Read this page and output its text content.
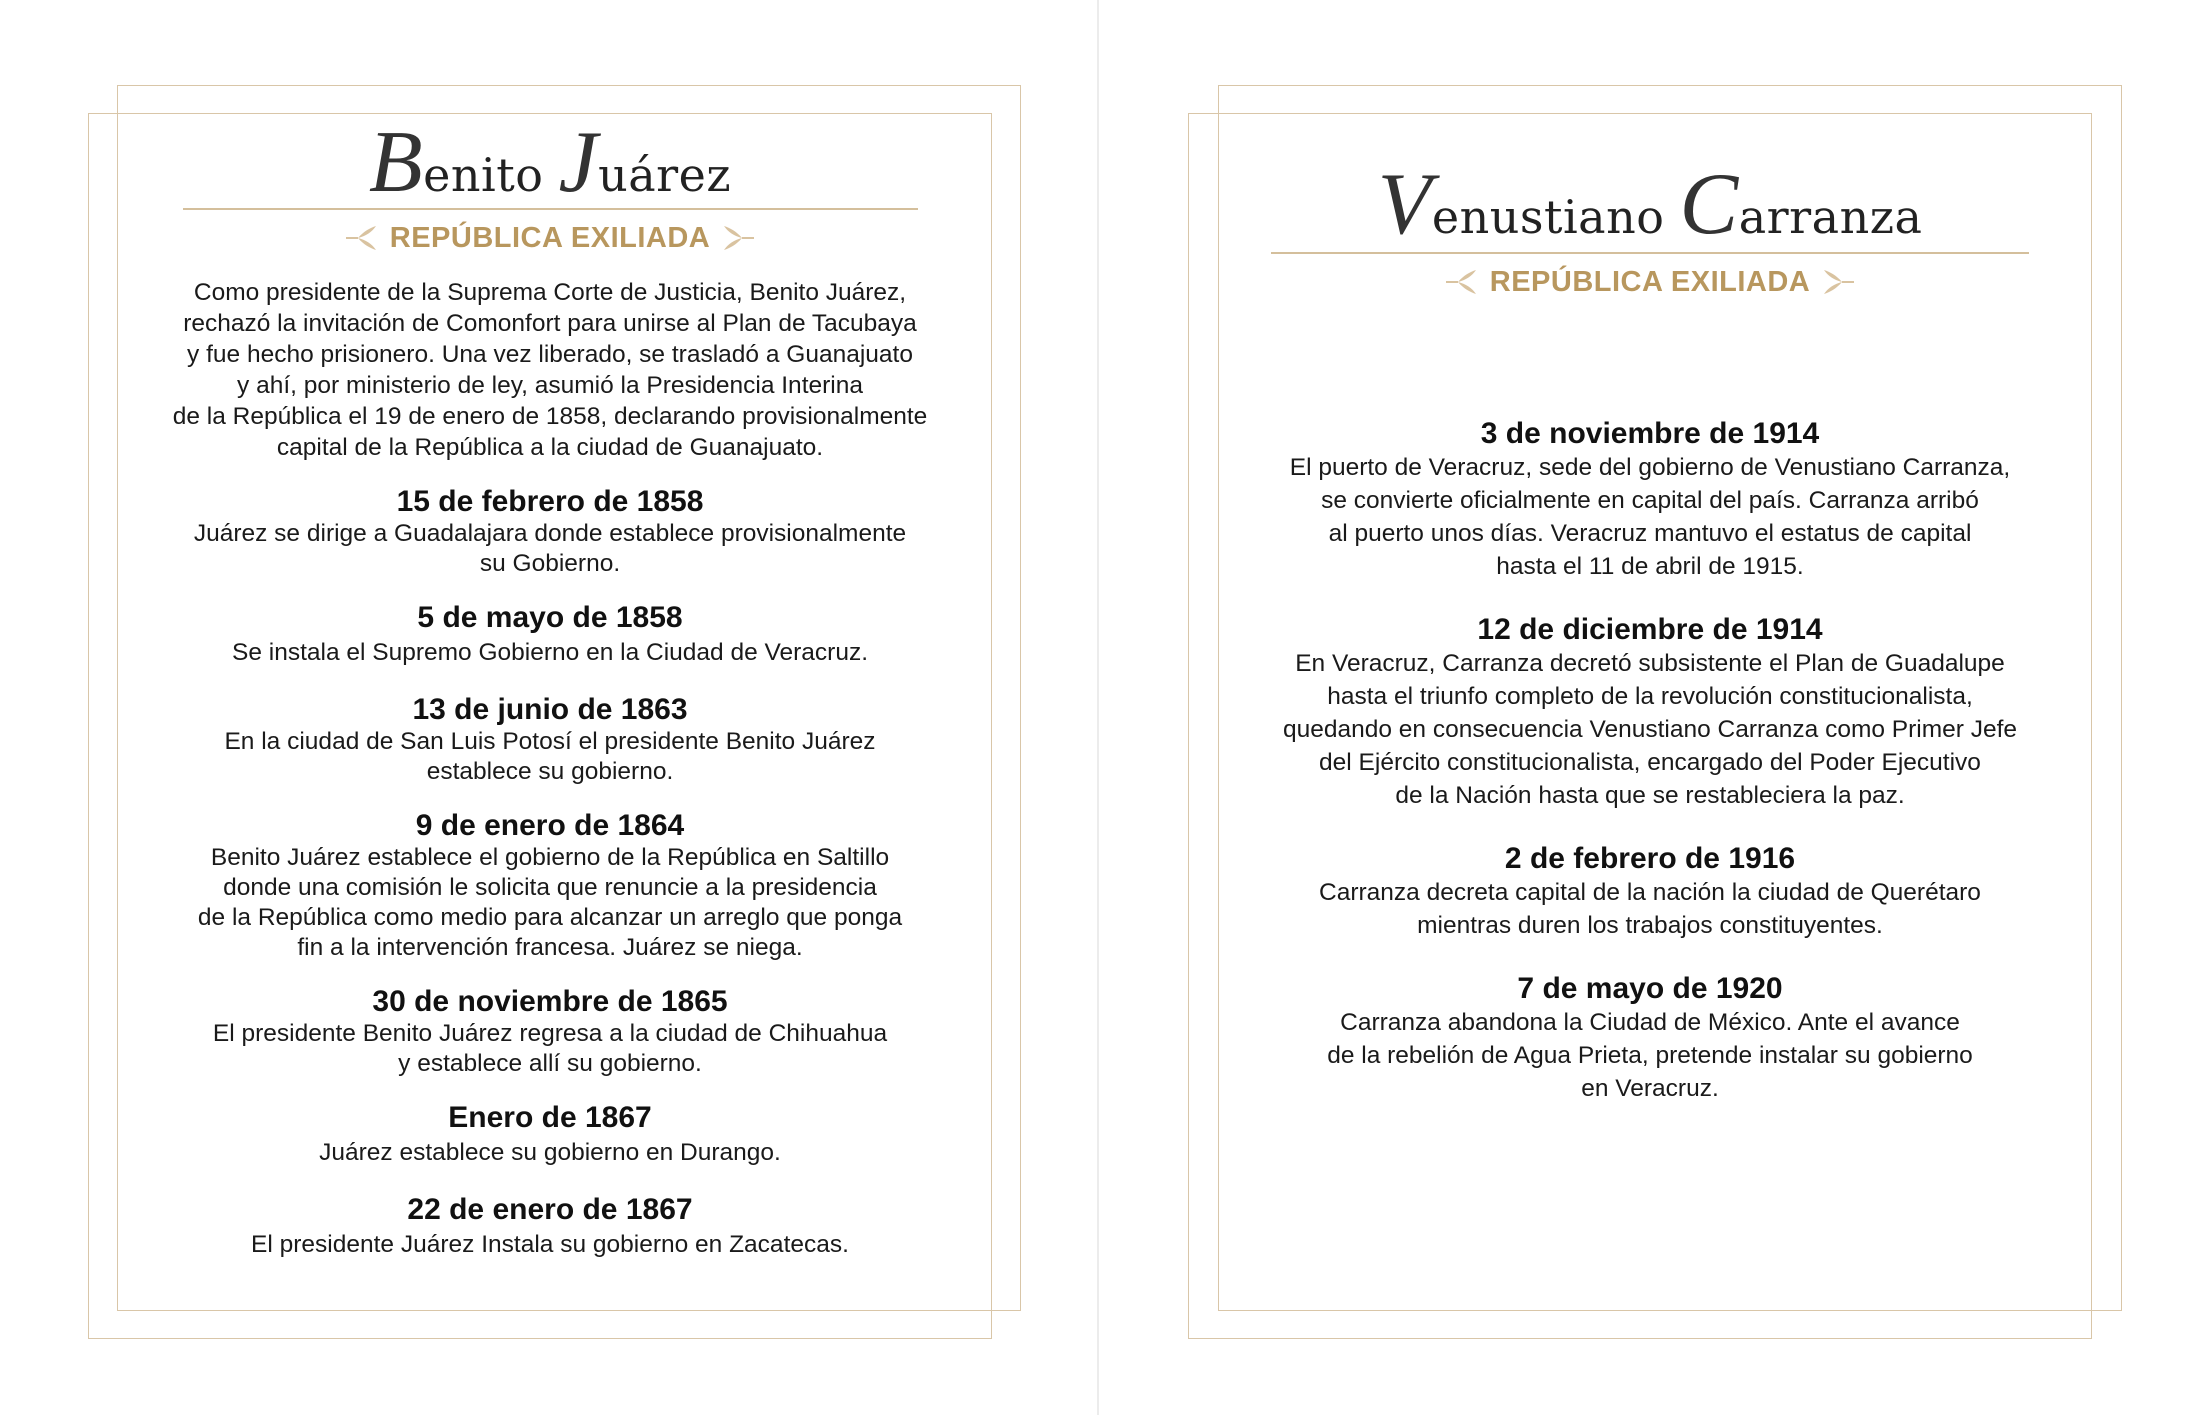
Benito Juárez
REPÚBLICA EXILIADA
Como presidente de la Suprema Corte de Justicia, Benito Juárez,
rechazó la invitación de Comonfort para unirse al Plan de Tacubaya
y fue hecho prisionero. Una vez liberado, se trasladó a Guanajuato
y ahí, por ministerio de ley, asumió la Presidencia Interina
de la República el 19 de enero de 1858, declarando provisionalmente
capital de la República a la ciudad de Guanajuato.
15 de febrero de 1858
Juárez se dirige a Guadalajara donde establece provisionalmente
su Gobierno.
5 de mayo de 1858
Se instala el Supremo Gobierno en la Ciudad de Veracruz.
13 de junio de 1863
En la ciudad de San Luis Potosí el presidente Benito Juárez
establece su gobierno.
9 de enero de 1864
Benito Juárez establece el gobierno de la República en Saltillo
donde una comisión le solicita que renuncie a la presidencia
de la República como medio para alcanzar un arreglo que ponga
fin a la intervención francesa. Juárez se niega.
30 de noviembre de 1865
El presidente Benito Juárez regresa a la ciudad de Chihuahua
y establece allí su gobierno.
Enero de 1867
Juárez establece su gobierno en Durango.
22 de enero de 1867
El presidente Juárez Instala su gobierno en Zacatecas.
Venustiano Carranza
REPÚBLICA EXILIADA
3 de noviembre de 1914
El puerto de Veracruz, sede del gobierno de Venustiano Carranza,
se convierte oficialmente en capital del país. Carranza arribó
al puerto unos días. Veracruz mantuvo el estatus de capital
hasta el 11 de abril de 1915.
12 de diciembre de 1914
En Veracruz, Carranza decretó subsistente el Plan de Guadalupe
hasta el triunfo completo de la revolución constitucionalista,
quedando en consecuencia Venustiano Carranza como Primer Jefe
del Ejército constitucionalista, encargado del Poder Ejecutivo
de la Nación hasta que se restableciera la paz.
2 de febrero de 1916
Carranza decreta capital de la nación la ciudad de Querétaro
mientras duren los trabajos constituyentes.
7 de mayo de 1920
Carranza abandona la Ciudad de México. Ante el avance
de la rebelión de Agua Prieta, pretende instalar su gobierno
en Veracruz.
